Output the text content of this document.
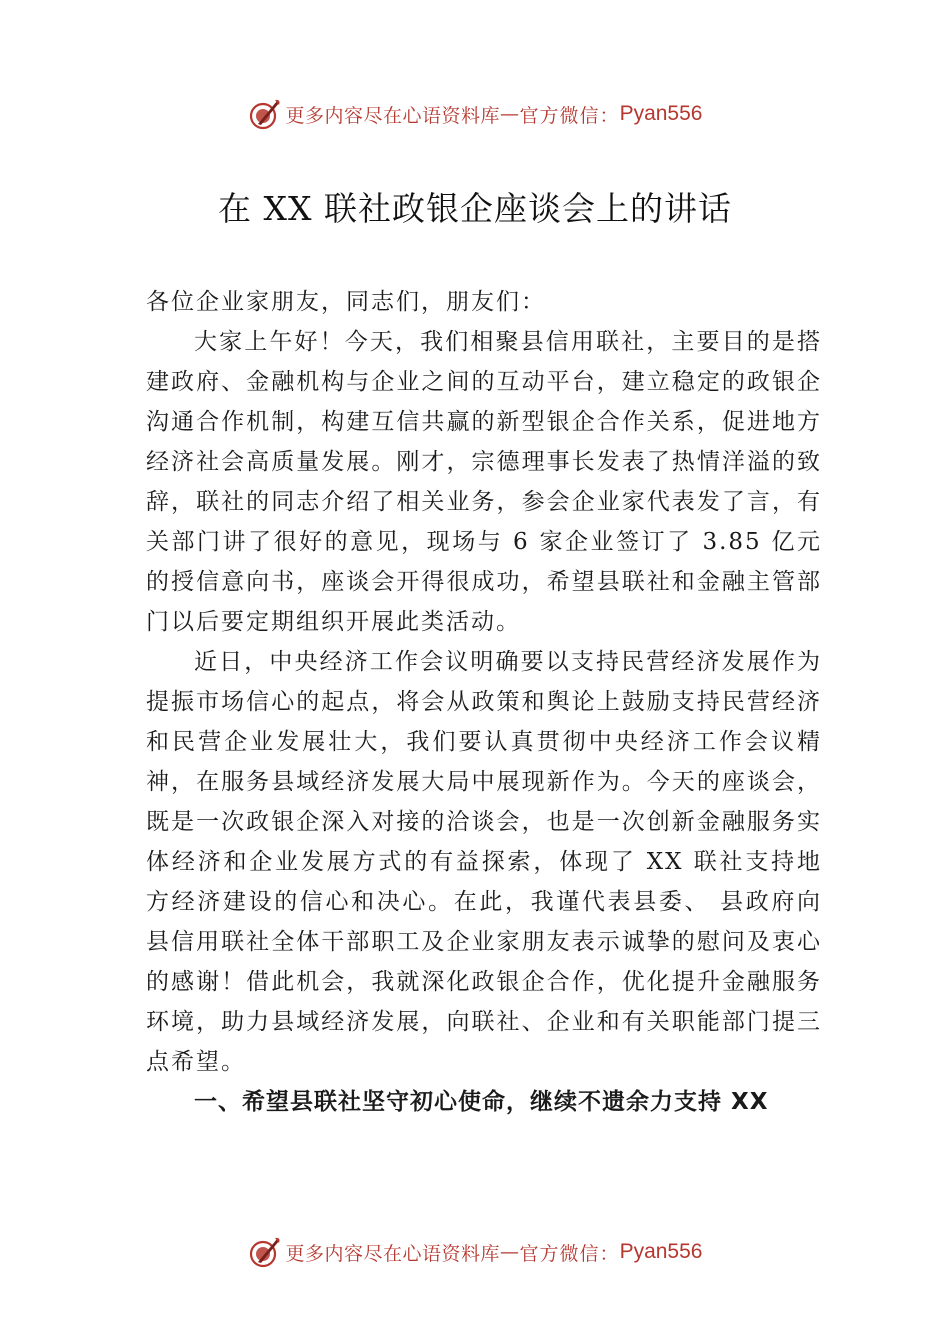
更多内容尽在心语资料库 — 官方微信： Pyan556
在 XX 联社政银企座谈会上的讲话

各位企业家朋友，同志们，朋友们：

大家上午好！今天，我们相聚县信用联社，主要目的是搭建政府、金融机构与企业之间的互动平台，建立稳定的政银企沟通合作机制，构建互信共赢的新型银企合作关系，促进地方经济社会高质量发展。刚才，宗德理事长发表了热情洋溢的致辞，联社的同志介绍了相关业务，参会企业家代表发了言，有关部门讲了很好的意见，现场与 6 家企业签订了 3.85 亿元的授信意向书，座谈会开得很成功，希望县联社和金融主管部门以后要定期组织开展此类活动。

近日，中央经济工作会议明确要以支持民营经济发展作为提振市场信心的起点，将会从政策和舆论上鼓励支持民营经济和民营企业发展壮大，我们要认真贯彻中央经济工作会议精神，在服务县域经济发展大局中展现新作为。今天的座谈会，既是一次政银企深入对接的洽谈会，也是一次创新金融服务实体经济和企业发展方式的有益探索，体现了 XX 联社支持地方经济建设的信心和决心。在此，我谨代表县委、 县政府向县信用联社全体干部职工及企业家朋友表示诚挚的慰问及衷心的感谢！借此机会，我就深化政银企合作，优化提升金融服务环境，助力县域经济发展，向联社、企业和有关职能部门提三点希望。

一、希望县联社坚守初心使命，继续不遗余力支持 XX

更多内容尽在心语资料库 — 官方微信： Pyan556
